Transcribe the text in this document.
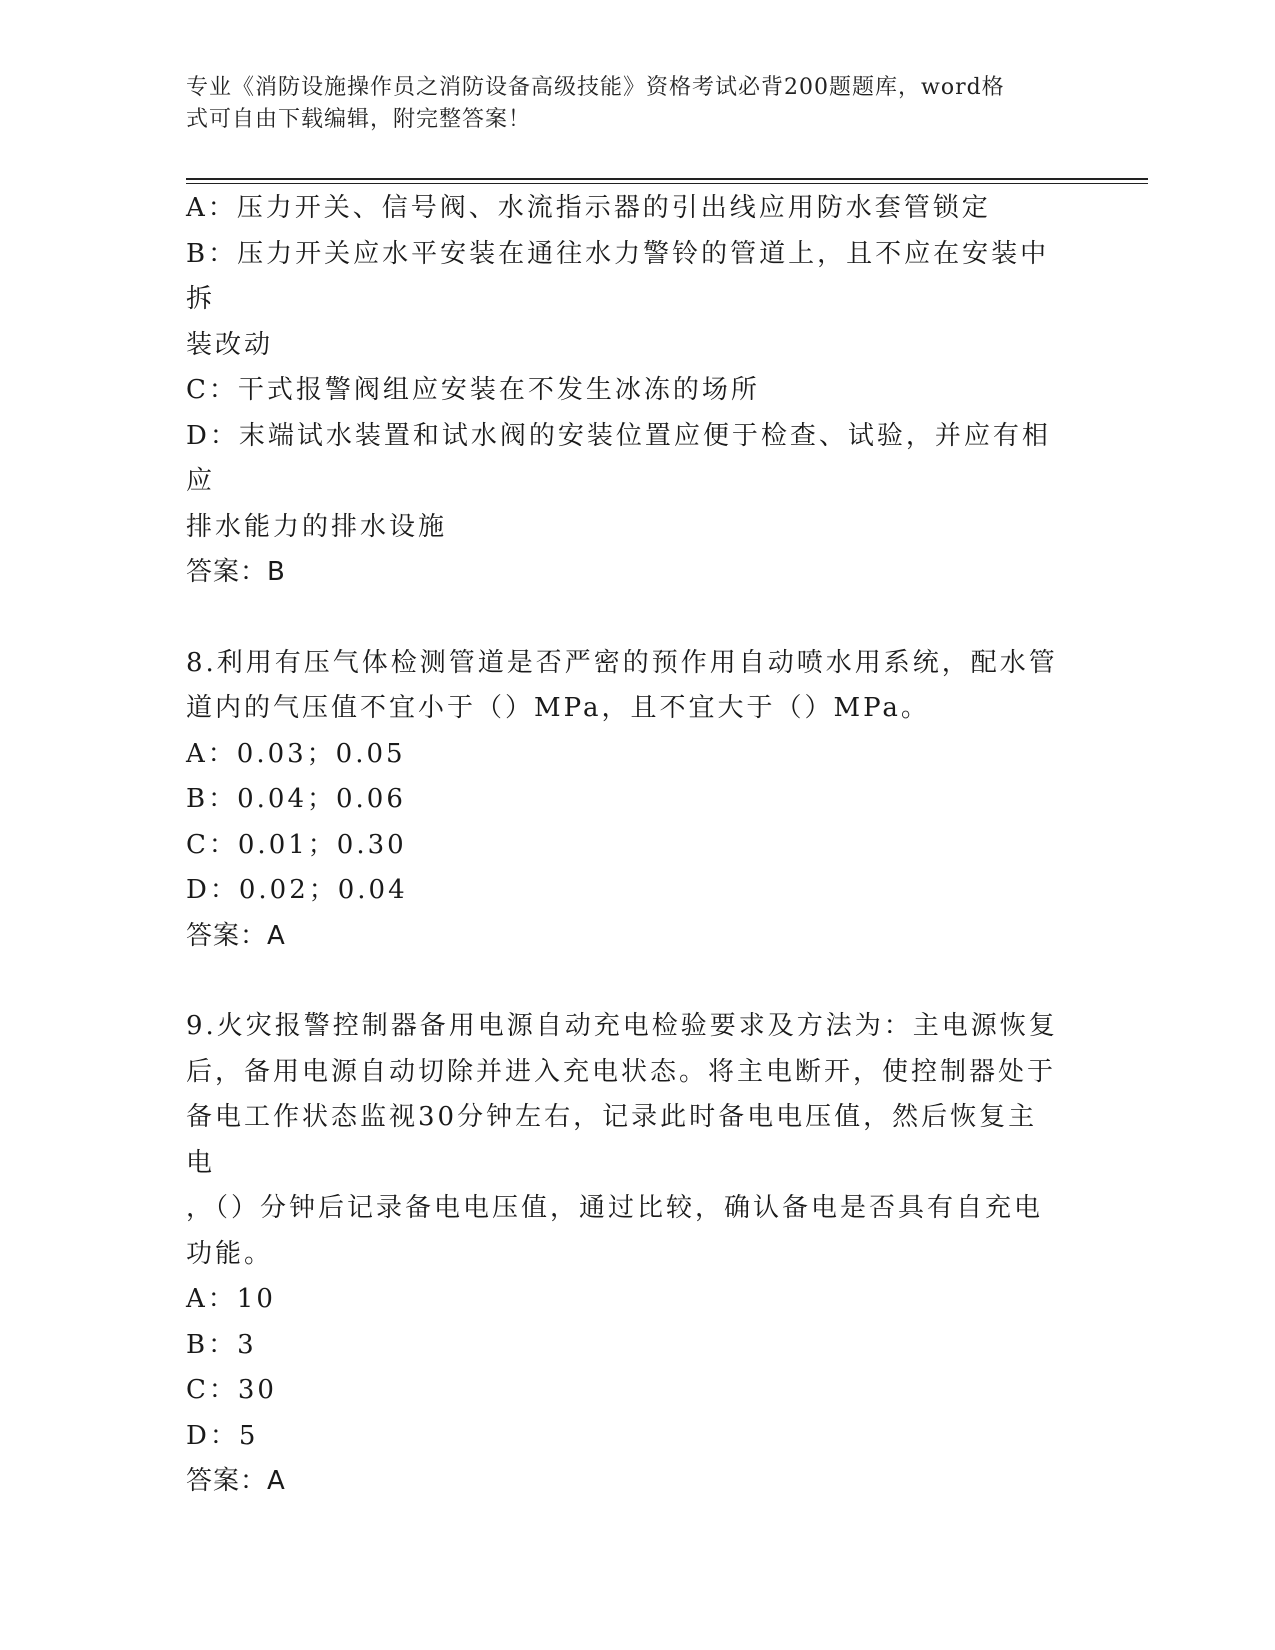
专业《消防设施操作员之消防设备高级技能》资格考试必背200题题库，word格
式可自由下载编辑，附完整答案！
A：压力开关、信号阀、水流指示器的引出线应用防水套管锁定
B：压力开关应水平安装在通往水力警铃的管道上，且不应在安装中拆
装改动
C：干式报警阀组应安装在不发生冰冻的场所
D：末端试水装置和试水阀的安装位置应便于检查、试验，并应有相应
排水能力的排水设施
答案：B
8.利用有压气体检测管道是否严密的预作用自动喷水用系统，配水管
道内的气压值不宜小于（）MPa，且不宜大于（）MPa。
A：0.03；0.05
B：0.04；0.06
C：0.01；0.30
D：0.02；0.04
答案：A
9.火灾报警控制器备用电源自动充电检验要求及方法为：主电源恢复
后，备用电源自动切除并进入充电状态。将主电断开，使控制器处于
备电工作状态监视30分钟左右，记录此时备电电压值，然后恢复主电
，（）分钟后记录备电电压值，通过比较，确认备电是否具有自充电
功能。
A：10
B：3
C：30
D：5
答案：A
